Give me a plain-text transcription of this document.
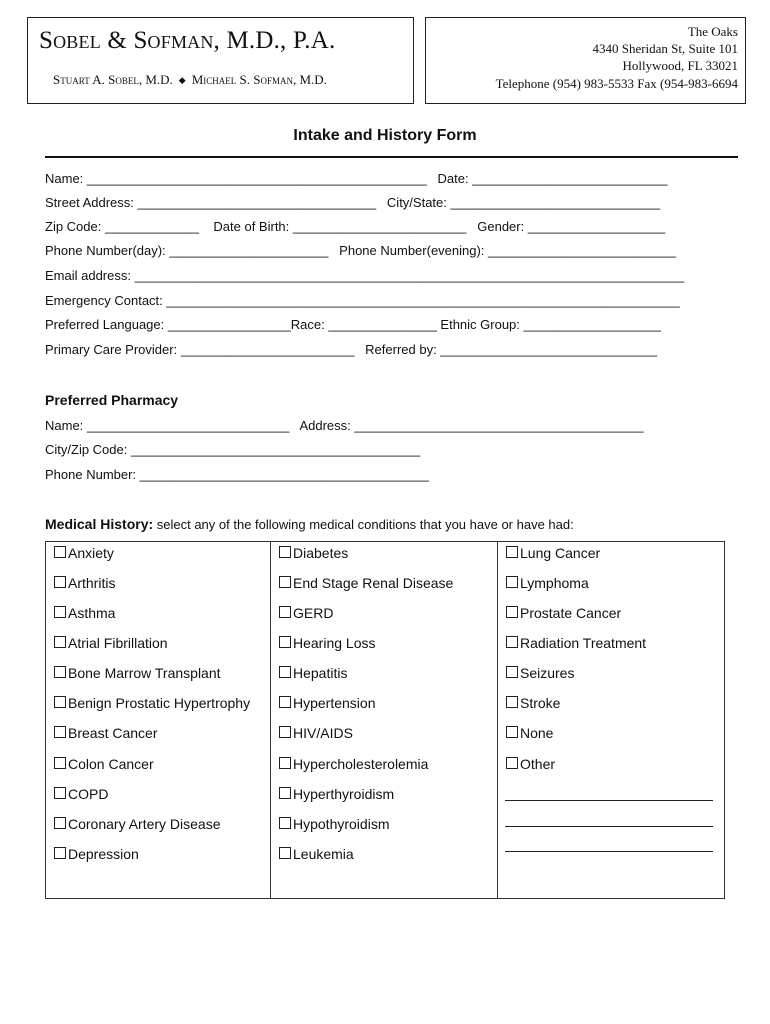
Sobel & Sofman, M.D., P.A.
Stuart A. Sobel, M.D. ◆ Michael S. Sofman, M.D.
The Oaks
4340 Sheridan St, Suite 101
Hollywood, FL 33021
Telephone (954) 983-5533 Fax (954-983-6694
Intake and History Form
Name: _______________________________________________   Date: ___________________________
Street Address: _________________________________   City/State: _____________________________
Zip Code: _____________    Date of Birth: ________________________   Gender: ___________________
Phone Number(day): ______________________   Phone Number(evening): __________________________
Email address: ____________________________________________________________________________
Emergency Contact: _______________________________________________________________________
Preferred Language: _________________Race: _______________ Ethnic Group: ___________________
Primary Care Provider: ________________________   Referred by: ______________________________
Preferred Pharmacy
Name: ____________________________   Address: ________________________________________
City/Zip Code: ________________________________________
Phone Number: ________________________________________
Medical History: select any of the following medical conditions that you have or have had:
Anxiety
Arthritis
Asthma
Atrial Fibrillation
Bone Marrow Transplant
Benign Prostatic Hypertrophy
Breast Cancer
Colon Cancer
COPD
Coronary Artery Disease
Depression
Diabetes
End Stage Renal Disease
GERD
Hearing Loss
Hepatitis
Hypertension
HIV/AIDS
Hypercholesterolemia
Hyperthyroidism
Hypothyroidism
Leukemia
Lung Cancer
Lymphoma
Prostate Cancer
Radiation Treatment
Seizures
Stroke
None
Other
